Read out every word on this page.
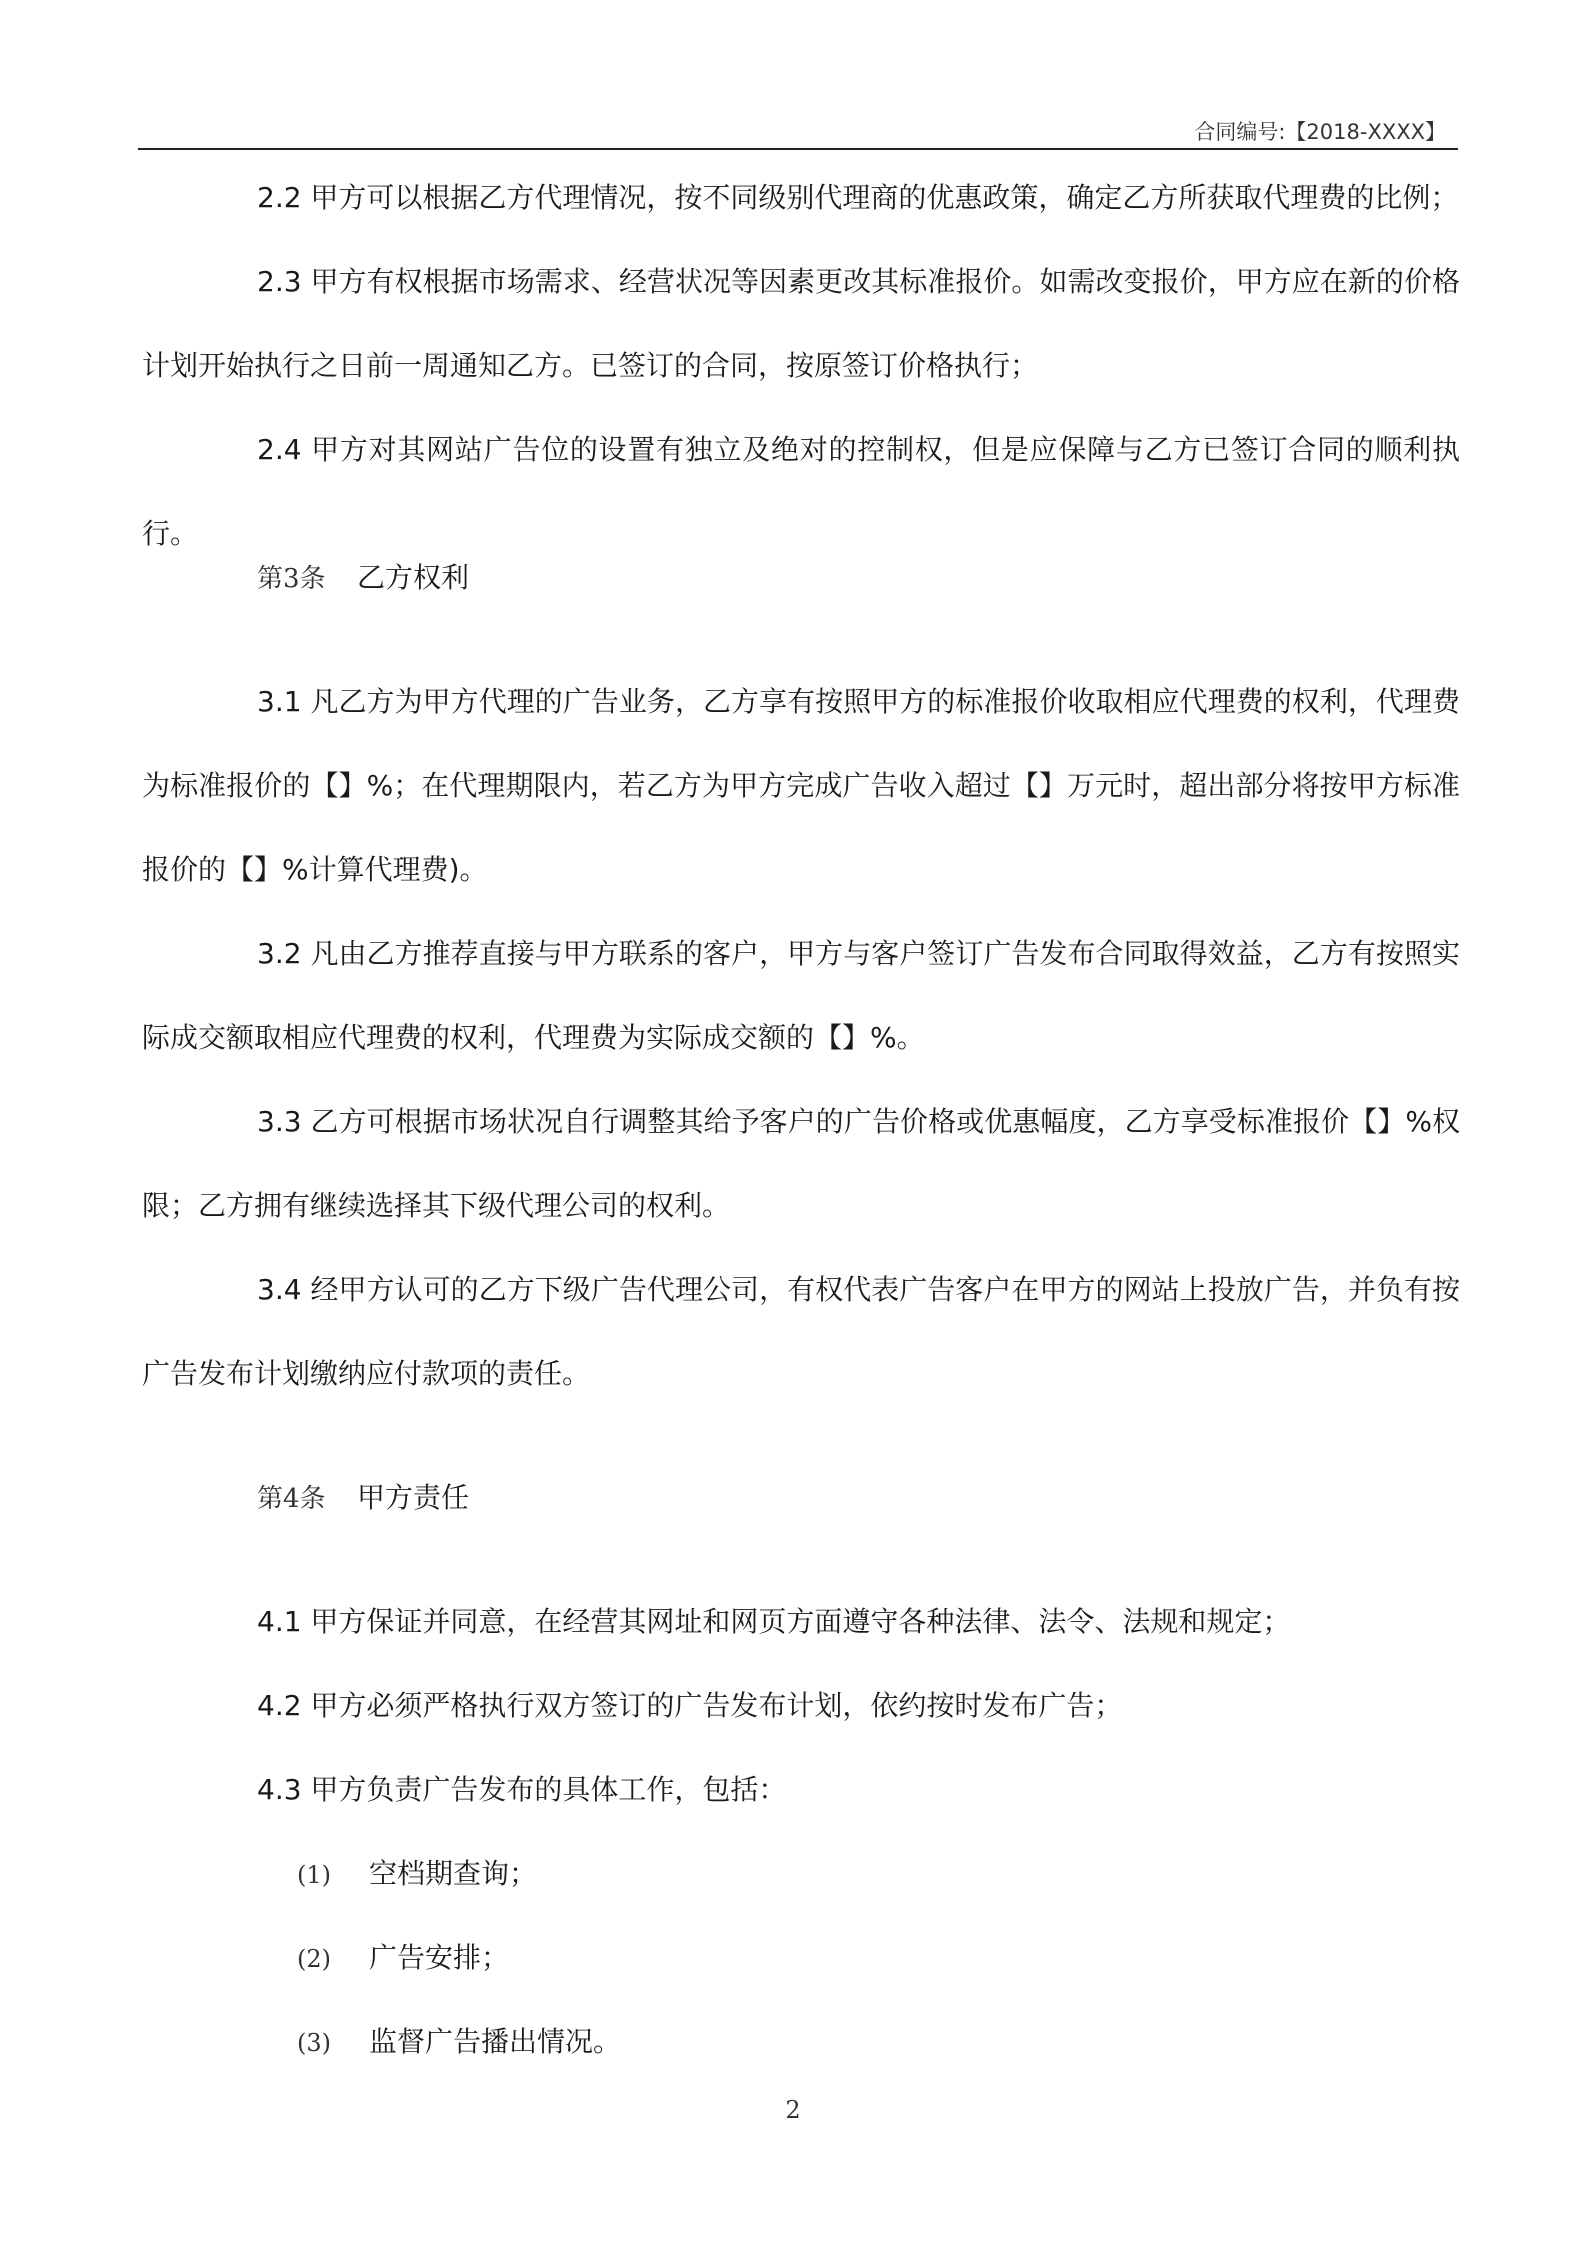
合同编号:【2018-XXXX】

2.2 甲方可以根据乙方代理情况，按不同级别代理商的优惠政策，确定乙方所获取代理费的比例；

2.3 甲方有权根据市场需求、经营状况等因素更改其标准报价。如需改变报价，甲方应在新的价格计划开始执行之日前一周通知乙方。已签订的合同，按原签订价格执行；

2.4 甲方对其网站广告位的设置有独立及绝对的控制权，但是应保障与乙方已签订合同的顺利执行。

第3条 乙方权利

3.1 凡乙方为甲方代理的广告业务，乙方享有按照甲方的标准报价收取相应代理费的权利，代理费为标准报价的【】%；在代理期限内，若乙方为甲方完成广告收入超过【】万元时，超出部分将按甲方标准报价的【】%计算代理费)。

3.2 凡由乙方推荐直接与甲方联系的客户，甲方与客户签订广告发布合同取得效益，乙方有按照实际成交额取相应代理费的权利，代理费为实际成交额的【】%。

3.3 乙方可根据市场状况自行调整其给予客户的广告价格或优惠幅度，乙方享受标准报价【】%权限；乙方拥有继续选择其下级代理公司的权利。

3.4 经甲方认可的乙方下级广告代理公司，有权代表广告客户在甲方的网站上投放广告，并负有按广告发布计划缴纳应付款项的责任。

第4条 甲方责任

4.1 甲方保证并同意，在经营其网址和网页方面遵守各种法律、法令、法规和规定；

4.2 甲方必须严格执行双方签订的广告发布计划，依约按时发布广告；

4.3 甲方负责广告发布的具体工作，包括：

(1) 空档期查询；
(2) 广告安排；
(3) 监督广告播出情况。
2
